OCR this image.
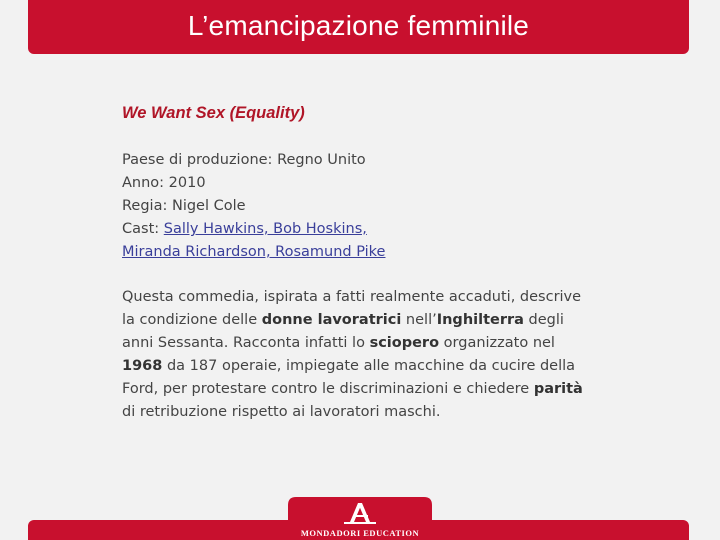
L’emancipazione femminile
We Want Sex (Equality)
Paese di produzione: Regno Unito
Anno: 2010
Regia: Nigel Cole
Cast: Sally Hawkins, Bob Hoskins,
Miranda Richardson, Rosamund Pike
Questa commedia, ispirata a fatti realmente accaduti, descrive la condizione delle donne lavoratrici nell’Inghilterra degli anni Sessanta. Racconta infatti lo sciopero organizzato nel 1968 da 187 operaie, impiegate alle macchine da cucire della Ford, per protestare contro le discriminazioni e chiedere parità di retribuzione rispetto ai lavoratori maschi.
MONDADORI EDUCATION
